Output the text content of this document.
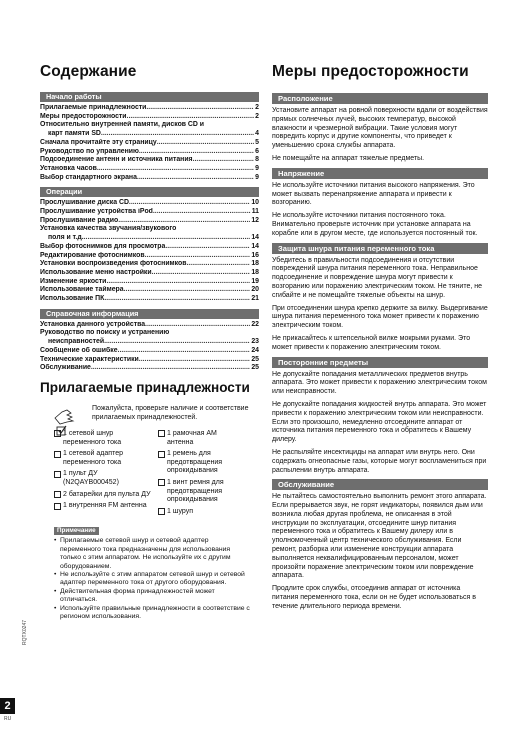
Содержание
Начало работы
Прилагаемые принадлежности .....	2
Меры предосторожности .....	2
Относительно внутренней памяти, дисков CD и
карт памяти SD .....	4
Сначала прочитайте эту страницу .....	5
Руководство по управлению .....	6
Подсоединение антенн и источника питания .....	8
Установка часов .....	9
Выбор стандартного экрана .....	9
Операции
Прослушивание диска CD .....	10
Прослушивание устройства iPod .....	11
Прослушивание радио .....	12
Установка качества звучания/звукового
поля и т.д. .....	14
Выбор фотоснимков для просмотра .....	14
Редактирование фотоснимков .....	16
Установки воспроизведения фотоснимков .....	18
Использование меню настройки .....	18
Изменение яркости .....	19
Использование таймера .....	20
Использование ПК .....	21
Справочная информация
Установка данного устройства .....	22
Руководство по поиску и устранению
неисправностей .....	23
Сообщение об ошибке .....	24
Технические характеристики .....	25
Обслуживание .....	25
Прилагаемые принадлежности
Пожалуйста, проверьте наличие и соответствие прилагаемых принадлежностей.
1 сетевой шнур переменного тока
1 сетевой адаптер переменного тока
1 пульт ДУ (N2QAYB000452)
2 батарейки для пульта ДУ
1 внутренняя FM антенна
1 рамочная AM антенна
1 ремень для предотвращения опрокидывания
1 винт ремня для предотвращения опрокидывания
1 шуруп
Примечание
• Прилагаемые сетевой шнур и сетевой адаптер переменного тока предназначены для использования только с этим аппаратом. Не используйте их с другим оборудованием.
• Не используйте с этим аппаратом сетевой шнур и сетевой адаптер переменного тока от другого оборудования.
• Действительная форма принадлежностей может отличаться.
• Используйте правильные принадлежности в соответствие с регионом использования.
Меры предосторожности
Расположение

Установите аппарат на ровной поверхности вдали от воздействия прямых солнечных лучей, высоких температур, высокой влажности и чрезмерной вибрации. Такие условия могут повредить корпус и другие компоненты, что приведет к уменьшению срока службы аппарата.

Не помещайте на аппарат тяжелые предметы.

Напряжение

Не используйте источники питания высокого напряжения. Это может вызвать перенапряжение аппарата и привести к возгоранию.

Не используйте источники питания постоянного тока. Внимательно проверьте источник при установке аппарата на корабле или в другом месте, где используется постоянный ток.

Защита шнура питания переменного тока

Убедитесь в правильности подсоединения и отсутствии повреждений шнура питания переменного тока. Неправильное подсоединение и повреждение шнура могут привести к возгоранию или поражению электрическим током. Не тяните, не сгибайте и не помещайте тяжелые объекты на шнур.

При отсоединении шнура крепко держите за вилку. Выдергивание шнура питания переменного тока может привести к поражению электрическим током.

Не прикасайтесь к штепсельной вилке мокрыми руками. Это может привести к поражению электрическим током.

Посторонние предметы

Не допускайте попадания металлических предметов внутрь аппарата. Это может привести к поражению электрическим током или неисправности.

Не допускайте попадания жидкостей внутрь аппарата. Это может привести к поражению электрическим током или неисправности. Если это произошло, немедленно отсоедините аппарат от источника питания переменного тока и обратитесь к Вашему дилеру.

Не распыляйте инсектициды на аппарат или внутрь него. Они содержать огнеопасные газы, которые могут воспламениться при распылении внутрь аппарата.

Обслуживание

Не пытайтесь самостоятельно выполнить ремонт этого аппарата. Если прерывается звук, не горят индикаторы, появился дым или возникла любая другая проблема, не описанная в этой инструкции по эксплуатации, отсоедините шнур питания переменного тока и обратитесь к Вашему дилеру или в уполномоченный центр технического обслуживания. Если ремонт, разборка или изменение конструкции аппарата выполняется неквалифицированным персоналом, может произойти поражение электрическим током или повреждение аппарата.

Продлите срок службы, отсоединив аппарат от источника питания переменного тока, если он не будет использоваться в течение длительного периода времени.

RQTX0247
2
RU
